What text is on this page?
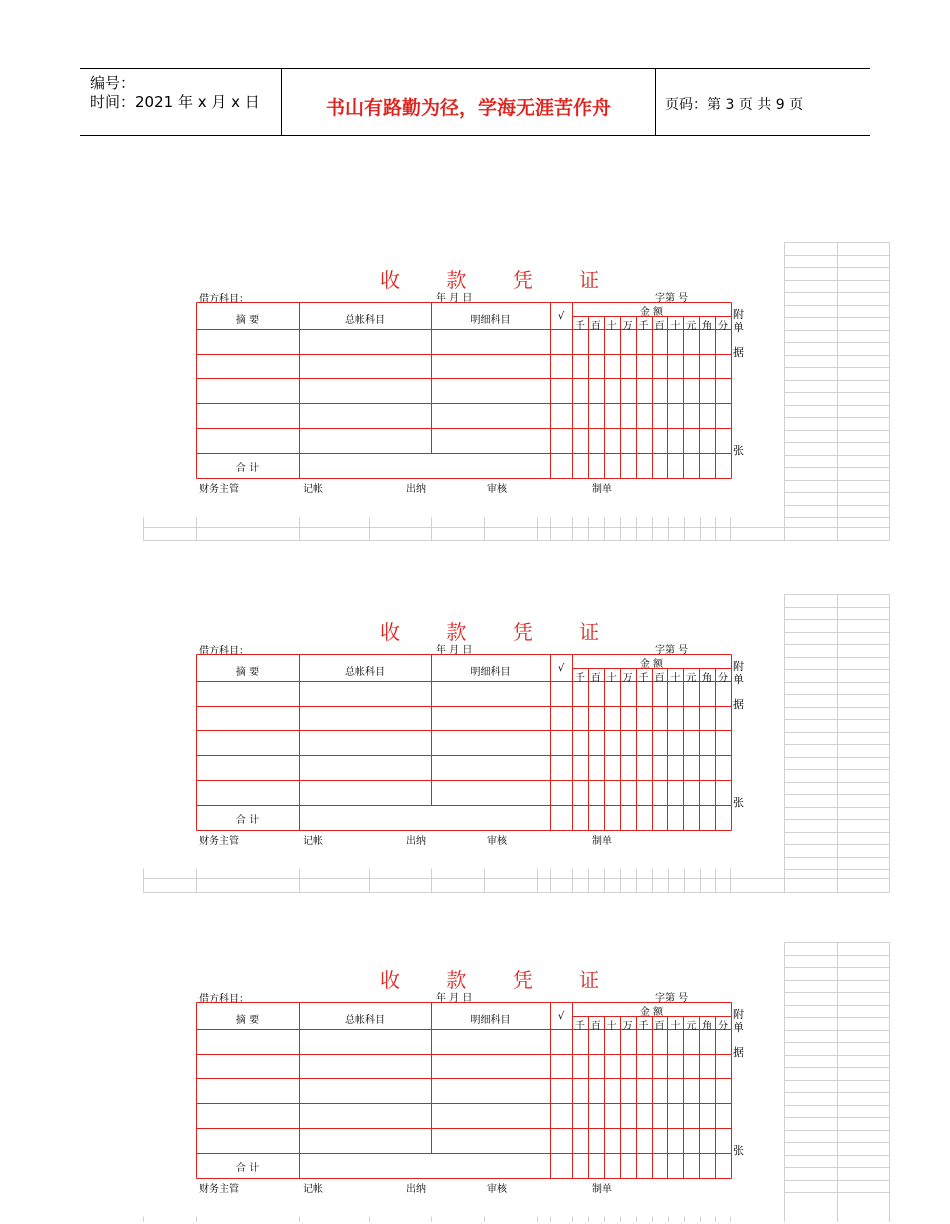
编号：
时间：2021 年 x 月 x 日	书山有路勤为径，学海无涯苦作舟	页码：第 3 页 共 9 页
收 款 凭 证
借方科目：	年 月 日	字第 号
摘 要	总帐科目	明细科目	√	金 额
千 百 十 万 千 百 十 元 角 分
合 计
附
单
据
张
财务主管	记帐	出纳	审核	制单
收 款 凭 证
借方科目：	年 月 日	字第 号
摘 要	总帐科目	明细科目	√	金 额
千 百 十 万 千 百 十 元 角 分
合 计
附
单
据
张
财务主管	记帐	出纳	审核	制单
收 款 凭 证
借方科目：	年 月 日	字第 号
摘 要	总帐科目	明细科目	√	金 额
千 百 十 万 千 百 十 元 角 分
合 计
附
单
据
张
财务主管	记帐	出纳	审核	制单
